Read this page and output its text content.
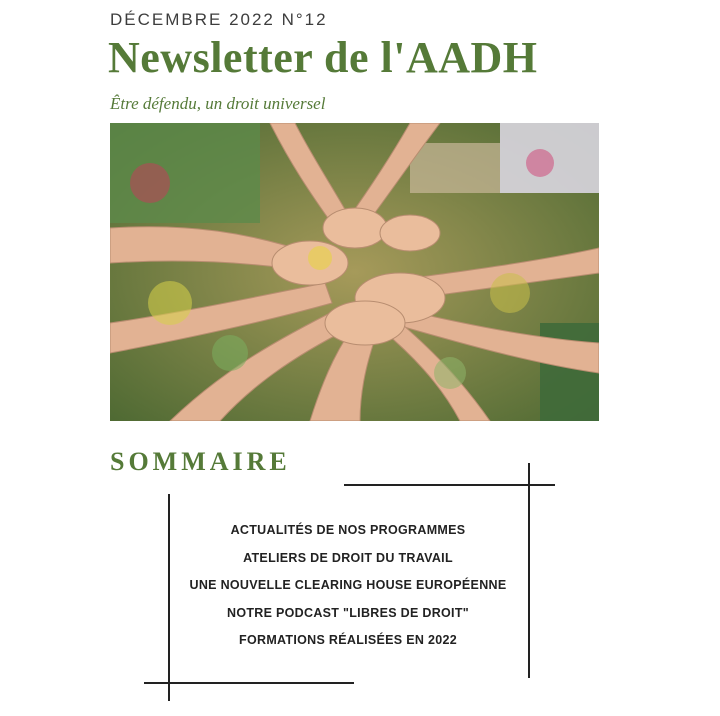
DÉCEMBRE 2022 N°12
Newsletter de l'AADH
Être défendu, un droit universel
SOMMAIRE
ACTUALITÉS DE NOS PROGRAMMES
ATELIERS DE DROIT DU TRAVAIL
UNE NOUVELLE CLEARING HOUSE EUROPÉENNE
NOTRE PODCAST "LIBRES DE DROIT"
FORMATIONS RÉALISÉES EN 2022
